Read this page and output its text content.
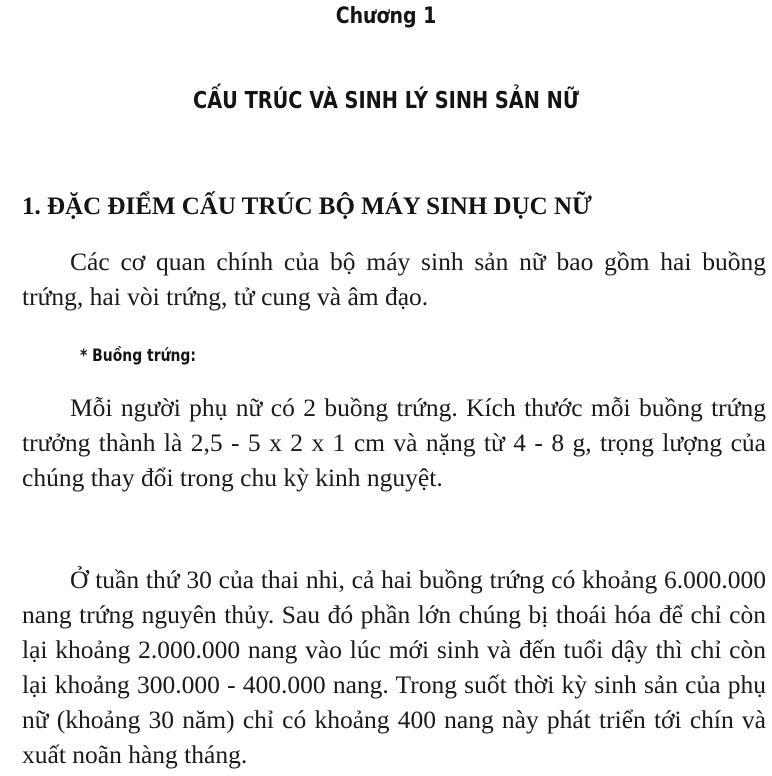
Chương 1
CẤU TRÚC VÀ SINH LÝ SINH SẢN NỮ
1. ĐẶC ĐIỂM CẤU TRÚC BỘ MÁY SINH DỤC NỮ
Các cơ quan chính của bộ máy sinh sản nữ bao gồm hai buồng trứng, hai vòi trứng, tử cung và âm đạo.
* Buồng trứng:
Mỗi người phụ nữ có 2 buồng trứng. Kích thước mỗi buồng trứng trưởng thành là 2,5 - 5 x 2 x 1 cm và nặng từ 4 - 8 g, trọng lượng của chúng thay đổi trong chu kỳ kinh nguyệt.
Ở tuần thứ 30 của thai nhi, cả hai buồng trứng có khoảng 6.000.000 nang trứng nguyên thủy. Sau đó phần lớn chúng bị thoái hóa để chỉ còn lại khoảng 2.000.000 nang vào lúc mới sinh và đến tuổi dậy thì chỉ còn lại khoảng 300.000 - 400.000 nang. Trong suốt thời kỳ sinh sản của phụ nữ (khoảng 30 năm) chỉ có khoảng 400 nang này phát triển tới chín và xuất noãn hàng tháng.
